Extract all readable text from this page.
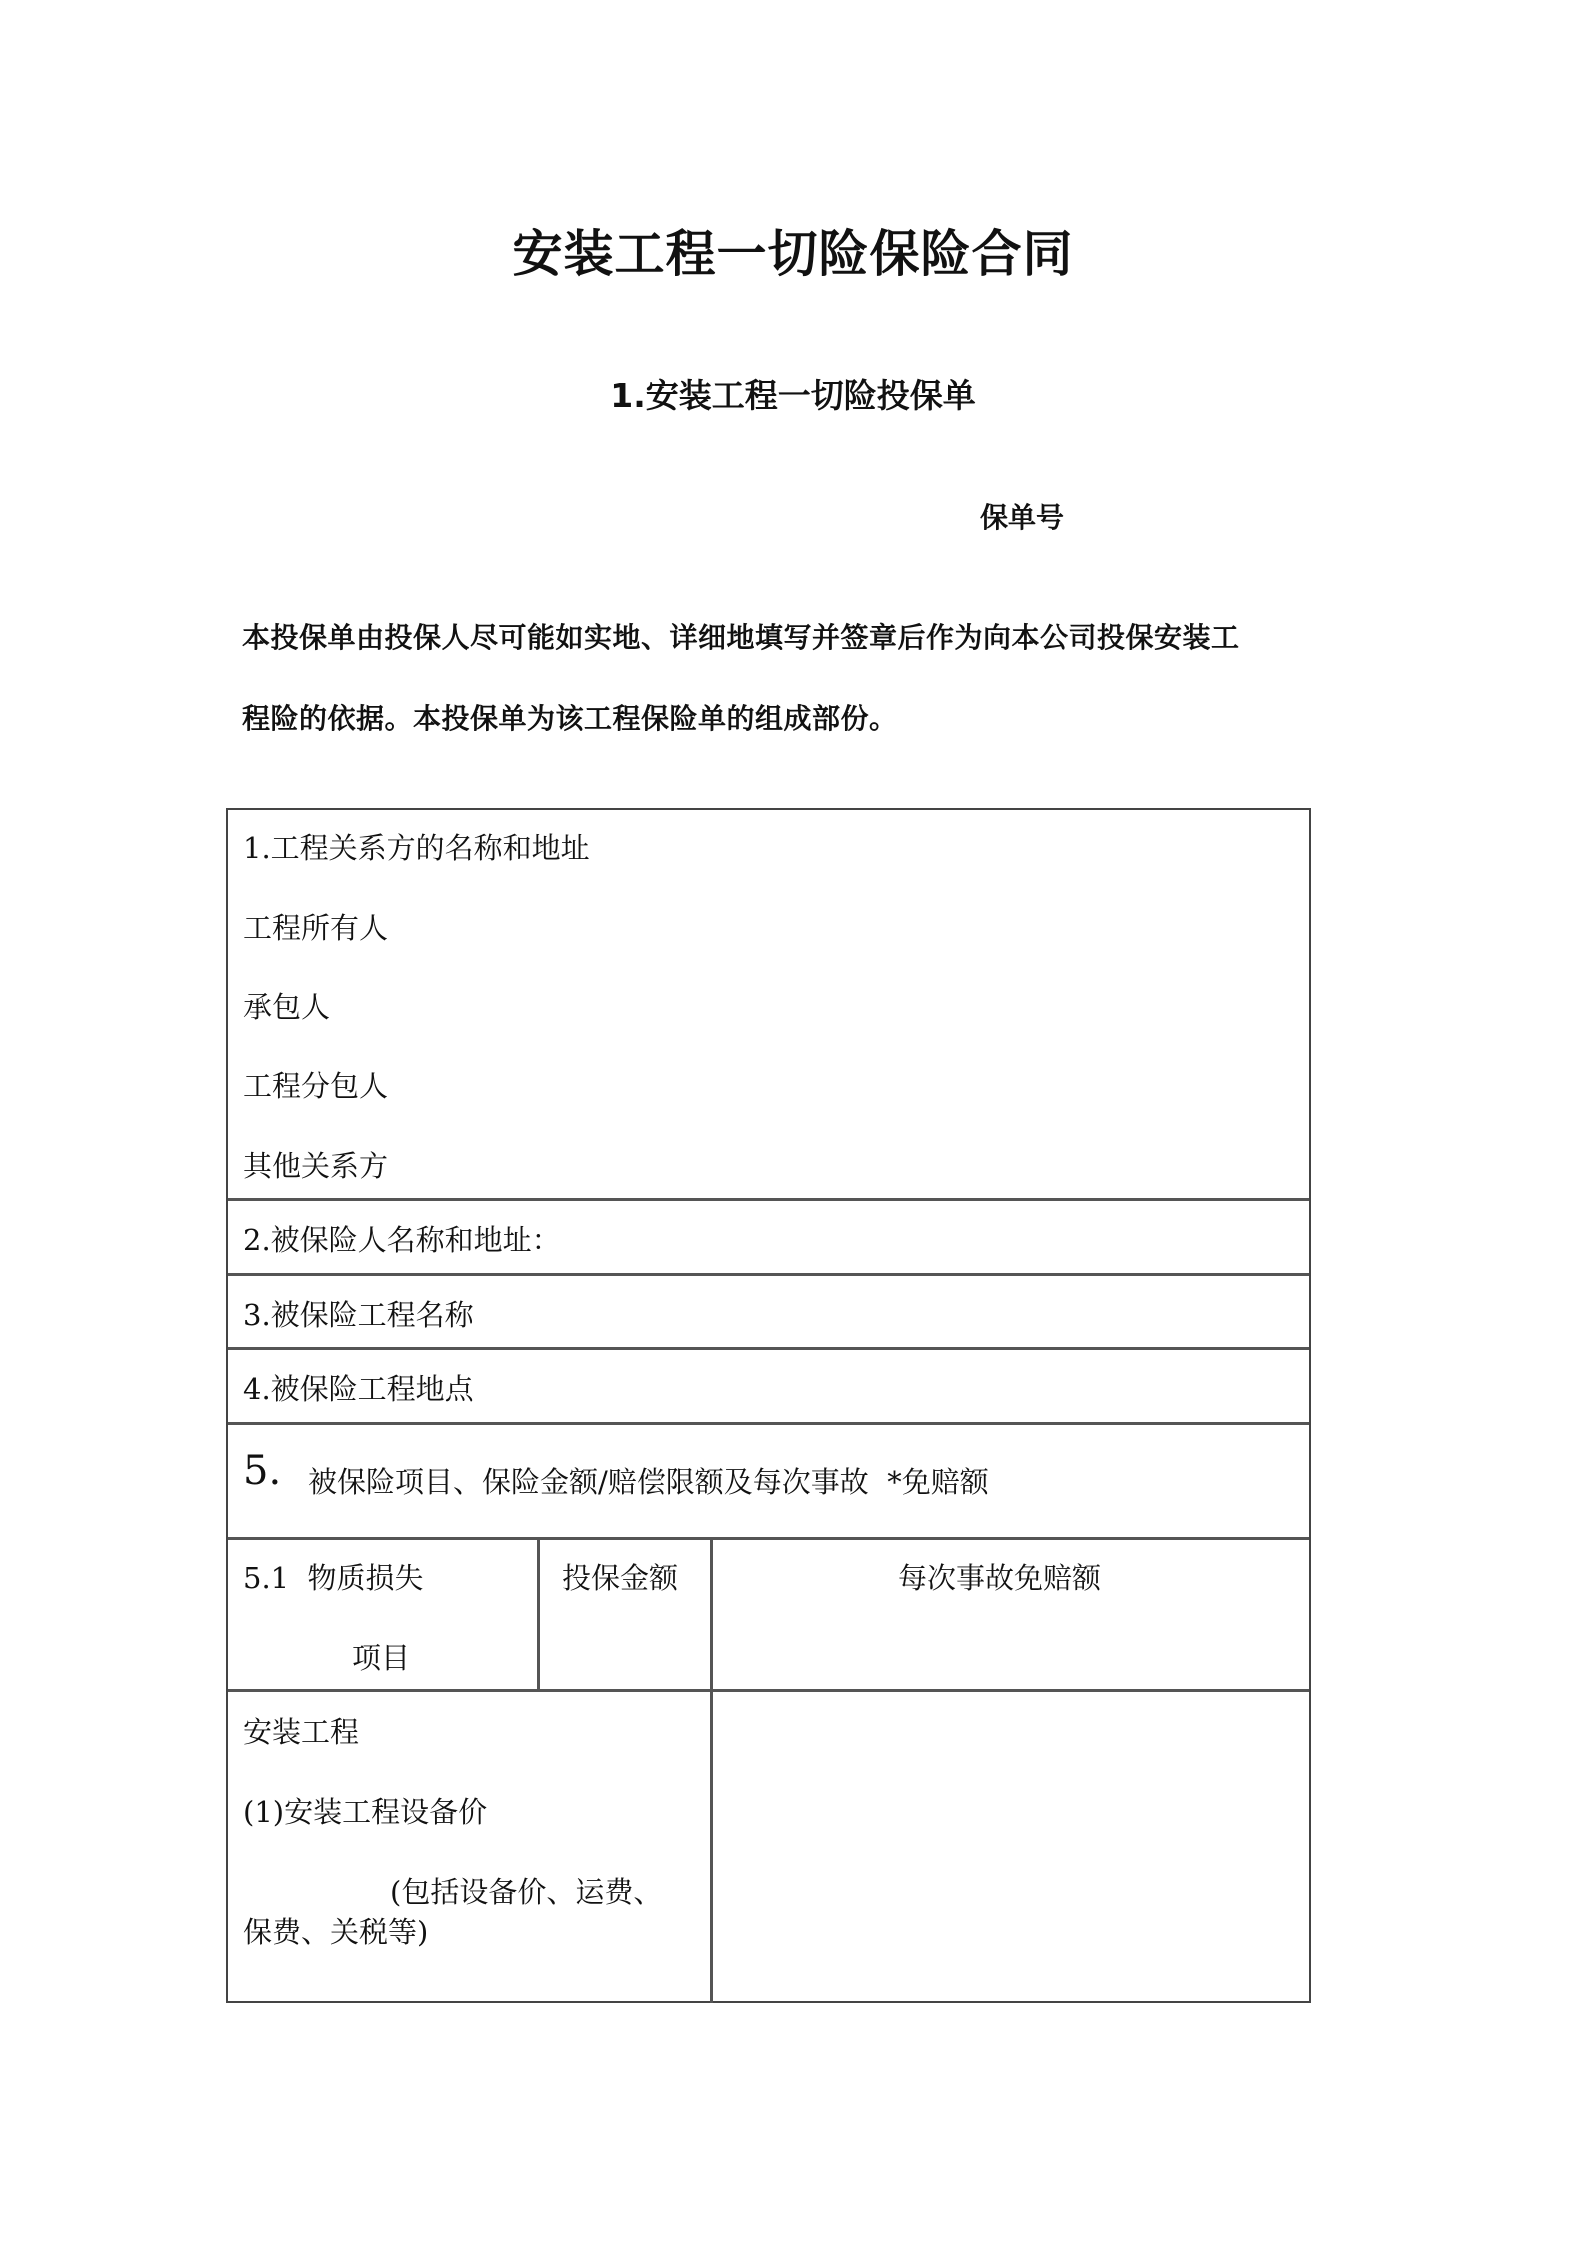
安装工程一切险保险合同
1.安装工程一切险投保单
保单号
本投保单由投保人尽可能如实地、详细地填写并签章后作为向本公司投保安装工
程险的依据。本投保单为该工程保险单的组成部份。
1.工程关系方的名称和地址
工程所有人
承包人
工程分包人
其他关系方
2.被保险人名称和地址：
3.被保险工程名称
4.被保险工程地点
5. 被保险项目、保险金额/赔偿限额及每次事故  *免赔额
5.1  物质损失
项目
投保金额	每次事故免赔额
安装工程
(1)安装工程设备价
(包括设备价、运费、
保费、关税等)
